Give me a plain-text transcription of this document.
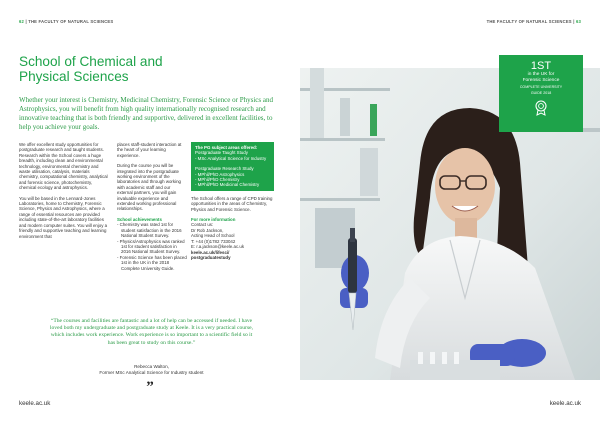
62 | THE FACULTY OF NATURAL SCIENCES
School of Chemical and
Physical Sciences

Whether your interest is Chemistry, Medicinal Chemistry, Forensic Science or Physics and Astrophysics, you will benefit from high quality internationally recognised research and innovative teaching that is both friendly and supportive, delivered in excellent facilities, to help you achieve your goals.

We offer excellent study opportunities for postgraduate research and taught students. Research within the School covers a huge breadth, including clean and environmental technology, environmental chemistry and waste utilisation, catalysis, materials chemistry, computational chemistry, analytical and forensic science, photochemistry, chemical ecology and astrophysics.

You will be based in the Lennard-Jones Laboratories, home to Chemistry, Forensic Science, Physics and Astrophysics, where a range of essential resources are provided including state-of-the-art laboratory facilities and modern computer suites. You will enjoy a friendly and supportive teaching and learning environment that

places staff-student interaction at the heart of your learning experience.

During the course you will be integrated into the postgraduate working environment of the laboratories and through working with academic staff and our external partners, you will gain invaluable experience and extended working professional relationships.

School achievements
- Chemistry was rated 1st for student satisfaction in the 2016 National Student Survey.
- Physics/Astrophysics was ranked 1st for student satisfaction in 2016 National Student Survey.
- Forensic Science has been placed 1st in the UK in the 2018 Complete University Guide.
The PG subject areas offered:
Postgraduate Taught Study
- MSc Analytical Science for Industry
Postgraduate Research Study
- MPhil/PhD Astrophysics
- MPhil/PhD Chemistry
- MPhil/PhD Medicinal Chemistry

The School offers a range of CPD training opportunities in the areas of Chemistry, Physics and Forensic Science.

For more information
Contact us:
Dr Rob Jackson,
Acting Head of School
T: +44 (0)1782 733042
E: r.a.jackson@keele.ac.uk
keele.ac.uk/lifesci/
postgraduatestudy

“The courses and facilities are fantastic and a lot of help can be accessed if needed. I have loved both my undergraduate and postgraduate study at Keele. It is a very practical course, which includes work experience. Work experience is so important to a scientific field so it has been great to study on this course.”

Rebecca Walton,
Former MSc Analytical Science for Industry student
”
keele.ac.uk
THE FACULTY OF NATURAL SCIENCES | 63
1ST
in the UK for
Forensic Science
COMPLETE UNIVERSITY
GUIDE 2018
keele.ac.uk
